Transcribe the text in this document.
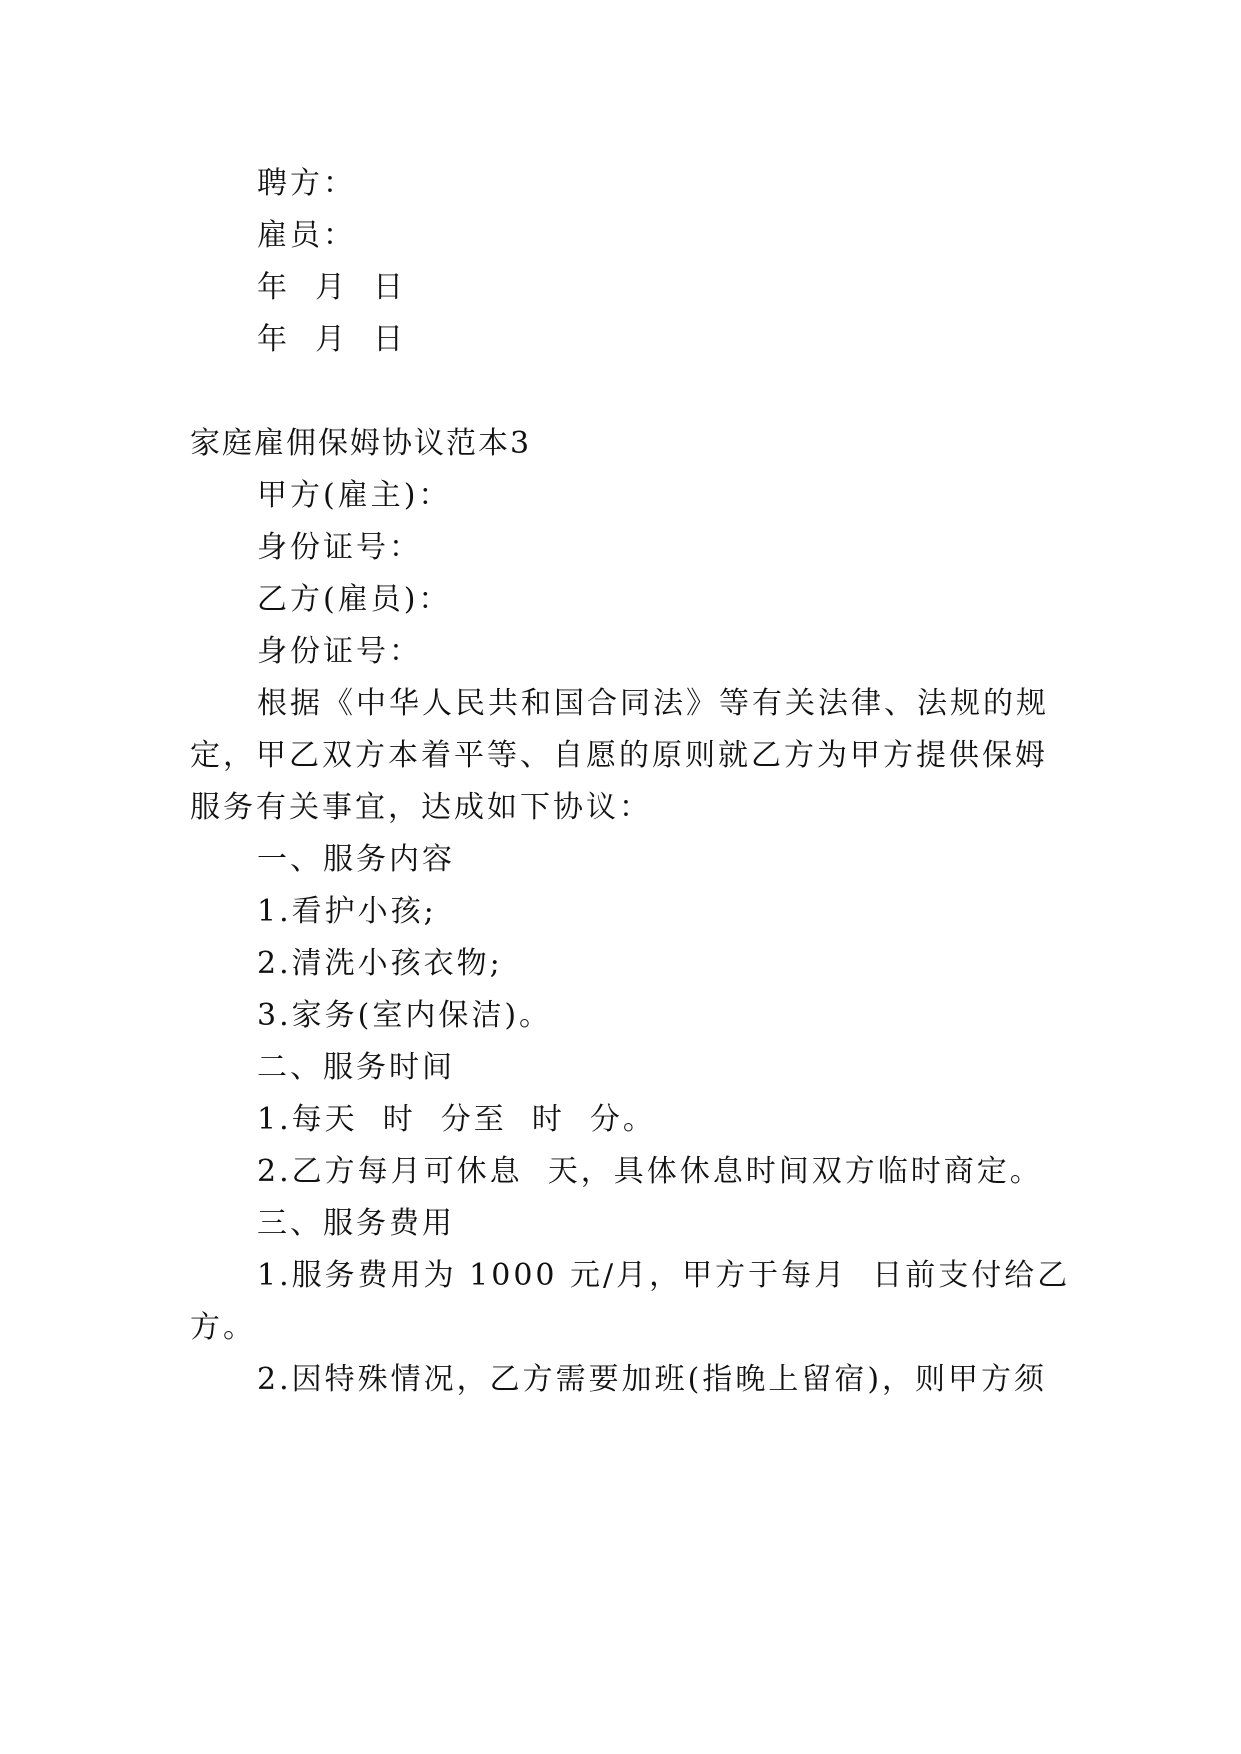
聘方：
雇员：
年  月  日
年  月  日
家庭雇佣保姆协议范本3
甲方(雇主)：
身份证号：
乙方(雇员)：
身份证号：
根据《中华人民共和国合同法》等有关法律、法规的规
定，甲乙双方本着平等、自愿的原则就乙方为甲方提供保姆
服务有关事宜，达成如下协议：
一、服务内容
1.看护小孩;
2.清洗小孩衣物;
3.家务(室内保洁)。
二、服务时间
1.每天  时  分至  时  分。
2.乙方每月可休息  天，具体休息时间双方临时商定。
三、服务费用
1.服务费用为 1000 元/月，甲方于每月  日前支付给乙
方。
2.因特殊情况，乙方需要加班(指晚上留宿)，则甲方须
